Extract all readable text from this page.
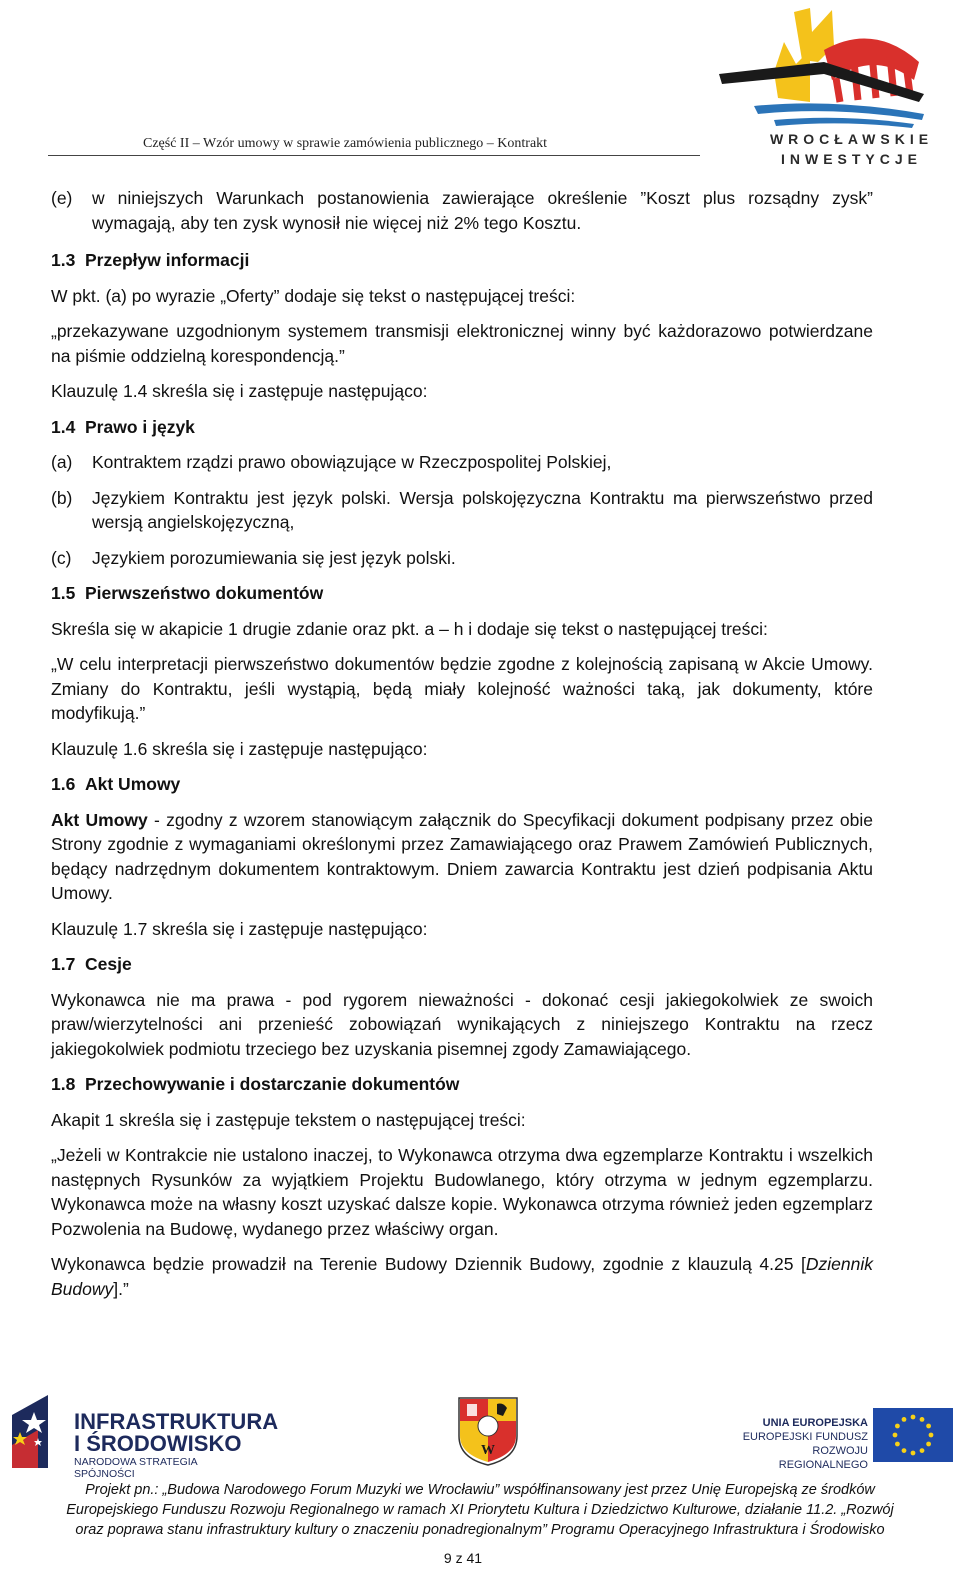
Część II – Wzór umowy w sprawie zamówienia publicznego – Kontrakt	WROCŁAWSKIE
INWESTYCJE
(e)	w niniejszych Warunkach postanowienia zawierające określenie ”Koszt plus rozsądny zysk” wymagają, aby ten zysk wynosił nie więcej niż 2% tego Kosztu.

1.3 Przepływ informacji

W pkt. (a) po wyrazie „Oferty” dodaje się tekst o następującej treści:

„przekazywane uzgodnionym systemem transmisji elektronicznej winny być każdorazowo potwierdzane na piśmie oddzielną korespondencją.”

Klauzulę 1.4 skreśla się i zastępuje następująco:

1.4 Prawo i język

(a)	Kontraktem rządzi prawo obowiązujące w Rzeczpospolitej Polskiej,
(b)	Językiem Kontraktu jest język polski. Wersja polskojęzyczna Kontraktu ma pierwszeństwo przed wersją angielskojęzyczną,
(c)	Językiem porozumiewania się jest język polski.

1.5 Pierwszeństwo dokumentów

Skreśla się w akapicie 1 drugie zdanie oraz pkt. a – h i dodaje się tekst o następującej treści:

„W celu interpretacji pierwszeństwo dokumentów będzie zgodne z kolejnością zapisaną w Akcie Umowy. Zmiany do Kontraktu, jeśli wystąpią, będą miały kolejność ważności taką, jak dokumenty, które modyfikują.”

Klauzulę 1.6 skreśla się i zastępuje następująco:

1.6 Akt Umowy

Akt Umowy - zgodny z wzorem stanowiącym załącznik do Specyfikacji dokument podpisany przez obie Strony zgodnie z wymaganiami określonymi przez Zamawiającego oraz Prawem Zamówień Publicznych, będący nadrzędnym dokumentem kontraktowym. Dniem zawarcia Kontraktu jest dzień podpisania Aktu Umowy.

Klauzulę 1.7 skreśla się i zastępuje następująco:

1.7 Cesje

Wykonawca nie ma prawa - pod rygorem nieważności - dokonać cesji jakiegokolwiek ze swoich praw/wierzytelności ani przenieść zobowiązań wynikających z niniejszego Kontraktu na rzecz jakiegokolwiek podmiotu trzeciego bez uzyskania pisemnej zgody Zamawiającego.

1.8 Przechowywanie i dostarczanie dokumentów

Akapit 1 skreśla się i zastępuje tekstem o następującej treści:

„Jeżeli w Kontrakcie nie ustalono inaczej, to Wykonawca otrzyma dwa egzemplarze Kontraktu i wszelkich następnych Rysunków za wyjątkiem Projektu Budowlanego, który otrzyma w jednym egzemplarzu. Wykonawca może na własny koszt uzyskać dalsze kopie. Wykonawca otrzyma również jeden egzemplarz Pozwolenia na Budowę, wydanego przez właściwy organ.

Wykonawca będzie prowadził na Terenie Budowy Dziennik Budowy, zgodnie z klauzulą 4.25 [Dziennik Budowy].”

INFRASTRUKTURA
I ŚRODOWISKO
NARODOWA STRATEGIA SPÓJNOŚCI
W
UNIA EUROPEJSKA
EUROPEJSKI FUNDUSZ
ROZWOJU REGIONALNEGO
Projekt pn.: „Budowa Narodowego Forum Muzyki we Wrocławiu” współfinansowany jest przez Unię Europejską ze środków
Europejskiego Funduszu Rozwoju Regionalnego w ramach XI Priorytetu Kultura i Dziedzictwo Kulturowe, działanie 11.2. „Rozwój
oraz poprawa stanu infrastruktury kultury o znaczeniu ponadregionalnym” Programu Operacyjnego Infrastruktura i Środowisko
9 z 41
